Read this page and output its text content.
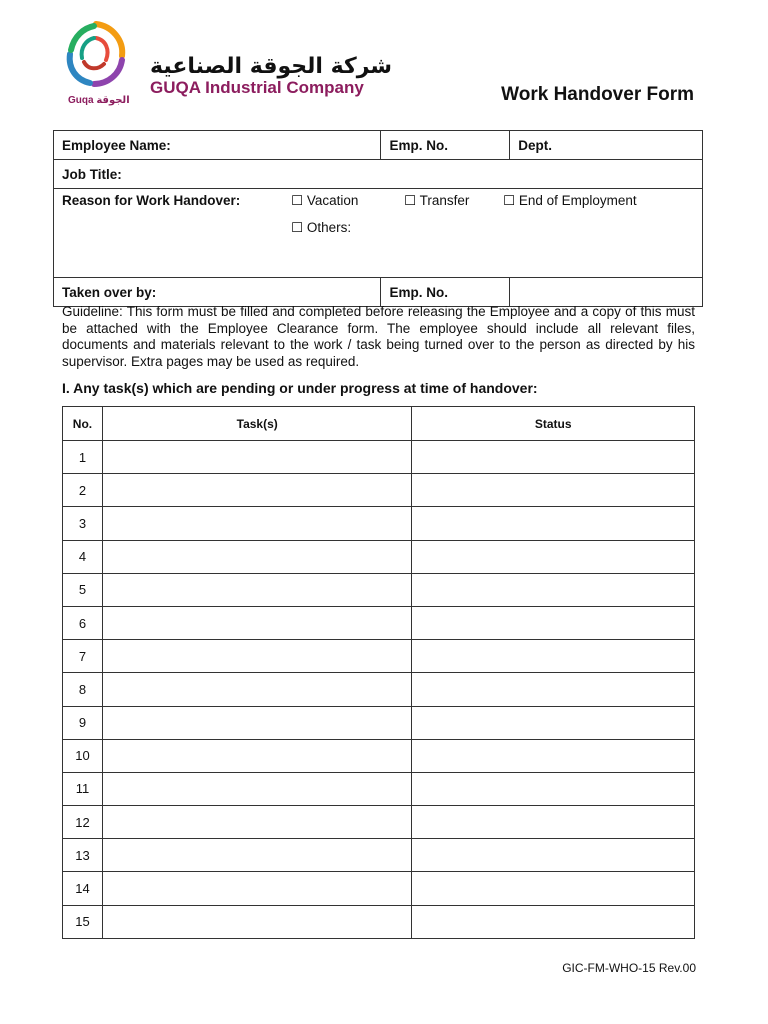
Guqa الجوقة
شركة الجوقة الصناعية
GUQA Industrial Company	Work Handover Form
Employee Name:	Emp. No.	Dept.
Job Title:		

Reason for Work Handover: ☐ Vacation ☐ Transfer ☐ End of Employment
☐ Others:		

Taken over by:	Emp. No.	

Guideline: This form must be filled and completed before releasing the Employee and a copy of this must be attached with the Employee Clearance form. The employee should include all relevant files, documents and materials relevant to the work / task being turned over to the person as directed by his supervisor. Extra pages may be used as required.

I. Any task(s) which are pending or under progress at time of handover:
No.	Task(s)	Status
1		
2		
3		
4		
5		
6		
7		
8		
9		
10		
11		
12		
13		
14		
15		
GIC-FM-WHO-15 Rev.00
